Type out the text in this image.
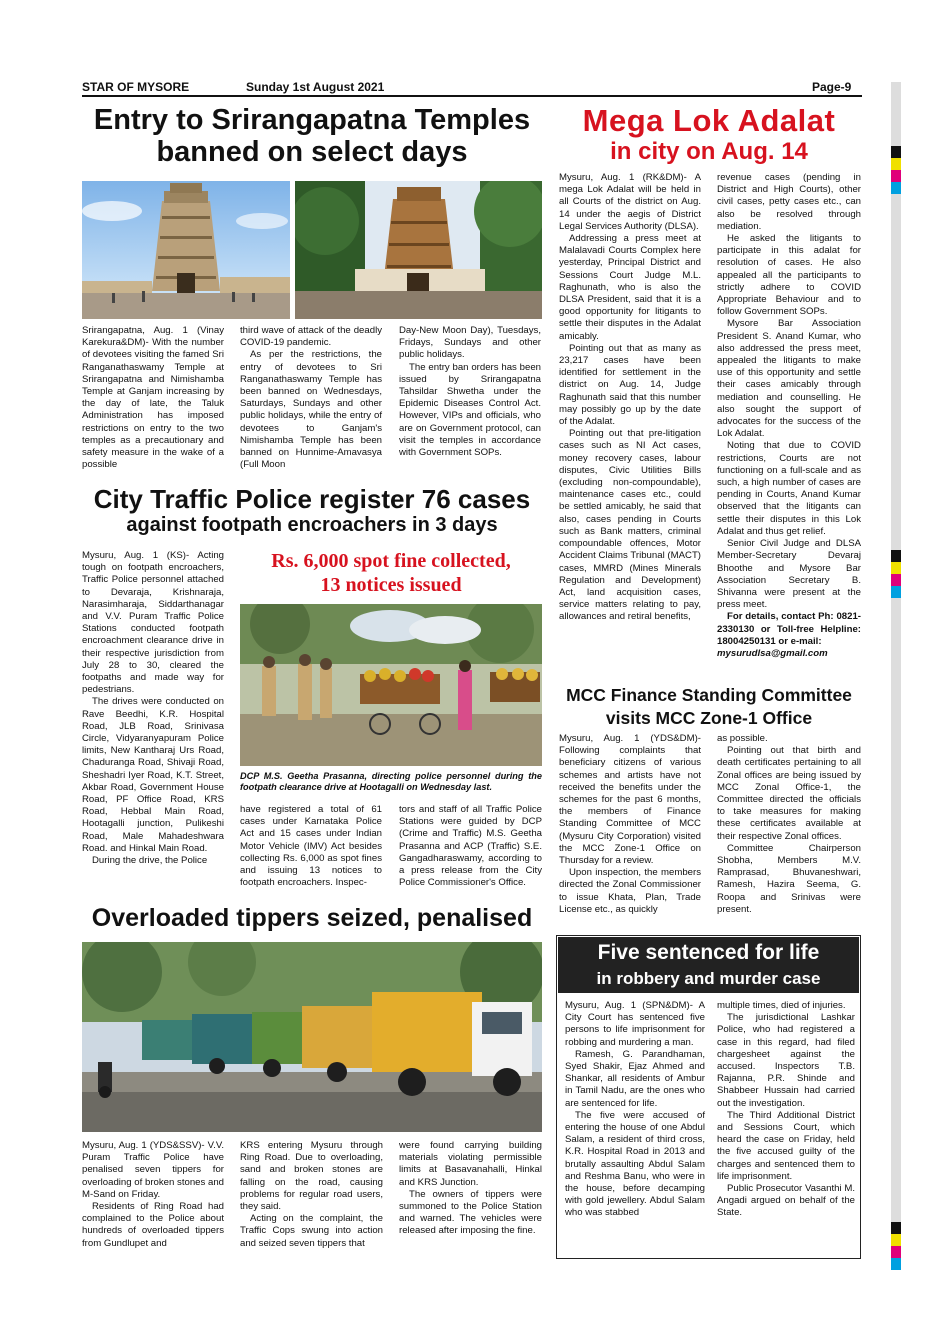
STAR OF MYSORE	Sunday 1st August 2021	Page-9
Entry to Srirangapatna Temples
banned on select days

Srirangapatna, Aug. 1 (Vinay Karekura&DM)- With the number of devotees visiting the famed Sri Ranganathaswamy Temple at Srirangapatna and Nimishamba Temple at Ganjam increasing by the day of late, the Taluk Administration has imposed restrictions on entry to the two temples as a precautionary and safety measure in the wake of a possible

third wave of attack of the deadly COVID-19 pandemic.

As per the restrictions, the entry of devotees to Sri Ranganathaswamy Temple has been banned on Wednesdays, Saturdays, Sundays and other public holidays, while the entry of devotees to Ganjam's Nimishamba Temple has been banned on Hunnime-Amavasya (Full Moon

Day-New Moon Day), Tuesdays, Fridays, Sundays and other public holidays.

The entry ban orders has been issued by Srirangapatna Tahsildar Shwetha under the Epidemic Diseases Control Act. However, VIPs and officials, who are on Government protocol, can visit the temples in accordance with Government SOPs.

City Traffic Police register 76 cases
against footpath encroachers in 3 days

Mysuru, Aug. 1 (KS)- Acting tough on footpath encroachers, Traffic Police personnel attached to Devaraja, Krishnaraja, Narasimharaja, Siddarthanagar and V.V. Puram Traffic Police Stations conducted footpath encroachment clearance drive in their respective jurisdiction from July 28 to 30, cleared the footpaths and made way for pedestrians.

The drives were conducted on Rave Beedhi, K.R. Hospital Road, JLB Road, Srinivasa Circle, Vidyaranyapuram Police limits, New Kantharaj Urs Road, Chaduranga Road, Shivaji Road, Sheshadri Iyer Road, K.T. Street, Akbar Road, Government House Road, PF Office Road, KRS Road, Hebbal Main Road, Hootagalli junction, Pulikeshi Road, Male Mahadeshwara Road. and Hinkal Main Road.

During the drive, the Police

Rs. 6,000 spot fine collected,
13 notices issued
DCP M.S. Geetha Prasanna, directing police personnel during the footpath clearance drive at Hootagalli on Wednesday last.

have registered a total of 61 cases under Karnataka Police Act and 15 cases under Indian Motor Vehicle (IMV) Act besides collecting Rs. 6,000 as spot fines and issuing 13 notices to footpath encroachers. Inspec-

tors and staff of all Traffic Police Stations were guided by DCP (Crime and Traffic) M.S. Geetha Prasanna and ACP (Traffic) S.E. Gangadharaswamy, according to a press release from the City Police Commissioner's Office.

Overloaded tippers seized, penalised

Mysuru, Aug. 1 (YDS&SSV)- V.V. Puram Traffic Police have penalised seven tippers for overloading of broken stones and M-Sand on Friday.

Residents of Ring Road had complained to the Police about hundreds of overloaded tippers from Gundlupet and

KRS entering Mysuru through Ring Road. Due to overloading, sand and broken stones are falling on the road, causing problems for regular road users, they said.

Acting on the complaint, the Traffic Cops swung into action and seized seven tippers that

were found carrying building materials violating permissible limits at Basavanahalli, Hinkal and KRS Junction.

The owners of tippers were summoned to the Police Station and warned. The vehicles were released after imposing the fine.

Mega Lok Adalat
in city on Aug. 14

Mysuru, Aug. 1 (RK&DM)- A mega Lok Adalat will be held in all Courts of the district on Aug. 14 under the aegis of District Legal Services Authority (DLSA).

Addressing a press meet at Malalavadi Courts Complex here yesterday, Principal District and Sessions Court Judge M.L. Raghunath, who is also the DLSA President, said that it is a good opportunity for litigants to settle their disputes in the Adalat amicably.

Pointing out that as many as 23,217 cases have been identified for settlement in the district on Aug. 14, Judge Raghunath said that this number may possibly go up by the date of the Adalat.

Pointing out that pre-litigation cases such as NI Act cases, money recovery cases, labour disputes, Civic Utilities Bills (excluding non-compoundable), maintenance cases etc., could be settled amicably, he said that also, cases pending in Courts such as Bank matters, criminal compoundable offences, Motor Accident Claims Tribunal (MACT) cases, MMRD (Mines Minerals Regulation and Development) Act, land acquisition cases, service matters relating to pay, allowances and retiral benefits,

revenue cases (pending in District and High Courts), other civil cases, petty cases etc., can also be resolved through mediation.

He asked the litigants to participate in this adalat for resolution of cases. He also appealed all the participants to strictly adhere to COVID Appropriate Behaviour and to follow Government SOPs.

Mysore Bar Association President S. Anand Kumar, who also addressed the press meet, appealed the litigants to make use of this opportunity and settle their cases amicably through mediation and counselling. He also sought the support of advocates for the success of the Lok Adalat.

Noting that due to COVID restrictions, Courts are not functioning on a full-scale and as such, a high number of cases are pending in Courts, Anand Kumar observed that the litigants can settle their disputes in this Lok Adalat and thus get relief.

Senior Civil Judge and DLSA Member-Secretary Devaraj Bhoothe and Mysore Bar Association Secretary B. Shivanna were present at the press meet.

For details, contact Ph: 0821-2330130 or Toll-free Helpline: 18004250131 or e-mail:

mysurudlsa@gmail.com

MCC Finance Standing Committee
visits MCC Zone-1 Office

Mysuru, Aug. 1 (YDS&DM)- Following complaints that beneficiary citizens of various schemes and artists have not received the benefits under the schemes for the past 6 months, the members of Finance Standing Committee of MCC (Mysuru City Corporation) visited the MCC Zone-1 Office on Thursday for a review.

Upon inspection, the members directed the Zonal Commissioner to issue Khata, Plan, Trade License etc., as quickly

as possible.

Pointing out that birth and death certificates pertaining to all Zonal offices are being issued by MCC Zonal Office-1, the Committee directed the officials to take measures for making these certificates available at their respective Zonal offices.

Committee Chairperson Shobha, Members M.V. Ramprasad, Bhuvaneshwari, Ramesh, Hazira Seema, G. Roopa and Srinivas were present.

Five sentenced for life
in robbery and murder case

Mysuru, Aug. 1 (SPN&DM)- A City Court has sentenced five persons to life imprisonment for robbing and murdering a man.

Ramesh, G. Parandhaman, Syed Shakir, Ejaz Ahmed and Shankar, all residents of Ambur in Tamil Nadu, are the ones who are sentenced for life.

The five were accused of entering the house of one Abdul Salam, a resident of third cross, K.R. Hospital Road in 2013 and brutally assaulting Abdul Salam and Reshma Banu, who were in the house, before decamping with gold jewellery. Abdul Salam who was stabbed

multiple times, died of injuries.

The jurisdictional Lashkar Police, who had registered a case in this regard, had filed chargesheet against the accused. Inspectors T.B. Rajanna, P.R. Shinde and Shabbeer Hussain had carried out the investigation.

The Third Additional District and Sessions Court, which heard the case on Friday, held the five accused guilty of the charges and sentenced them to life imprisonment.

Public Prosecutor Vasanthi M. Angadi argued on behalf of the State.
